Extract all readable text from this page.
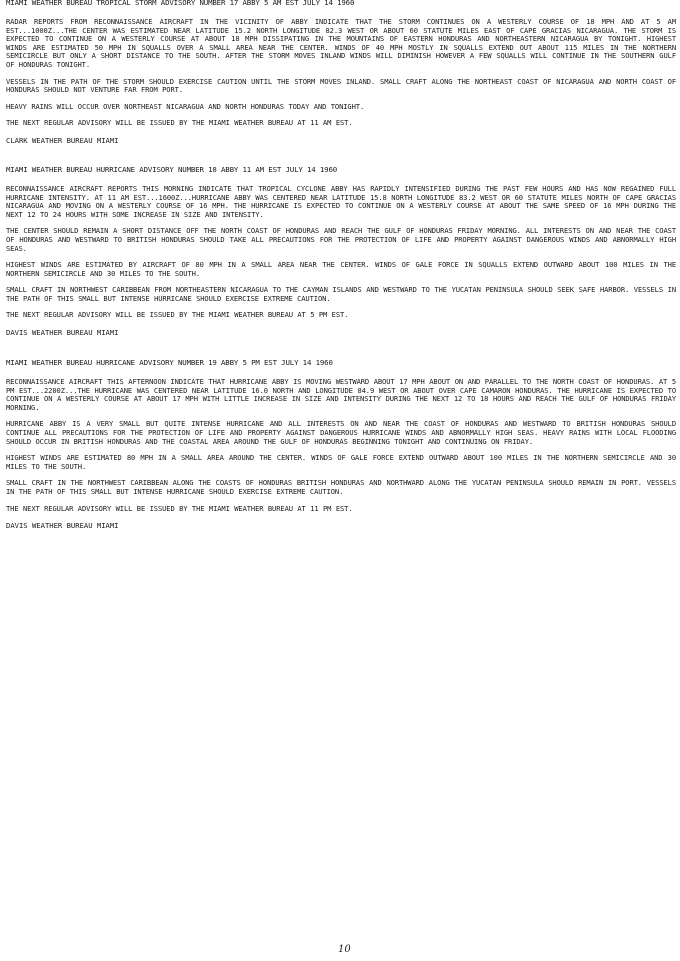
MIAMI WEATHER BUREAU TROPICAL STORM ADVISORY NUMBER 17 ABBY 5 AM EST JULY 14 1960

RADAR REPORTS FROM RECONNAISSANCE AIRCRAFT IN THE VICINITY OF ABBY INDICATE THAT THE STORM CONTINUES ON A WESTERLY COURSE OF 18 MPH AND AT 5 AM EST...1000Z...THE CENTER WAS ESTIMATED NEAR LATITUDE 15.2 NORTH LONGITUDE 82.3 WEST OR ABOUT 60 STATUTE MILES EAST OF CAPE GRACIAS NICARAGUA. THE STORM IS EXPECTED TO CONTINUE ON A WESTERLY COURSE AT ABOUT 18 MPH DISSIPATING IN THE MOUNTAINS OF EASTERN HONDURAS AND NORTHEASTERN NICARAGUA BY TONIGHT. HIGHEST WINDS ARE ESTIMATED 50 MPH IN SQUALLS OVER A SMALL AREA NEAR THE CENTER. WINDS OF 40 MPH MOSTLY IN SQUALLS EXTEND OUT ABOUT 115 MILES IN THE NORTHERN SEMICIRCLE BUT ONLY A SHORT DISTANCE TO THE SOUTH. AFTER THE STORM MOVES INLAND WINDS WILL DIMINISH HOWEVER A FEW SQUALLS WILL CONTINUE IN THE SOUTHERN GULF OF HONDURAS TONIGHT.

VESSELS IN THE PATH OF THE STORM SHOULD EXERCISE CAUTION UNTIL THE STORM MOVES INLAND. SMALL CRAFT ALONG THE NORTHEAST COAST OF NICARAGUA AND NORTH COAST OF HONDURAS SHOULD NOT VENTURE FAR FROM PORT.

HEAVY RAINS WILL OCCUR OVER NORTHEAST NICARAGUA AND NORTH HONDURAS TODAY AND TONIGHT.

THE NEXT REGULAR ADVISORY WILL BE ISSUED BY THE MIAMI WEATHER BUREAU AT 11 AM EST.

CLARK WEATHER BUREAU MIAMI

MIAMI WEATHER BUREAU HURRICANE ADVISORY NUMBER 18 ABBY 11 AM EST JULY 14 1960

RECONNAISSANCE AIRCRAFT REPORTS THIS MORNING INDICATE THAT TROPICAL CYCLONE ABBY HAS RAPIDLY INTENSIFIED DURING THE PAST FEW HOURS AND HAS NOW REGAINED FULL HURRICANE INTENSITY. AT 11 AM EST...1600Z...HURRICANE ABBY WAS CENTERED NEAR LATITUDE 15.8 NORTH LONGITUDE 83.2 WEST OR 60 STATUTE MILES NORTH OF CAPE GRACIAS NICARAGUA AND MOVING ON A WESTERLY COURSE OF 16 MPH. THE HURRICANE IS EXPECTED TO CONTINUE ON A WESTERLY COURSE AT ABOUT THE SAME SPEED OF 16 MPH DURING THE NEXT 12 TO 24 HOURS WITH SOME INCREASE IN SIZE AND INTENSITY.

THE CENTER SHOULD REMAIN A SHORT DISTANCE OFF THE NORTH COAST OF HONDURAS AND REACH THE GULF OF HONDURAS FRIDAY MORNING. ALL INTERESTS ON AND NEAR THE COAST OF HONDURAS AND WESTWARD TO BRITISH HONDURAS SHOULD TAKE ALL PRECAUTIONS FOR THE PROTECTION OF LIFE AND PROPERTY AGAINST DANGEROUS WINDS AND ABNORMALLY HIGH SEAS.

HIGHEST WINDS ARE ESTIMATED BY AIRCRAFT OF 80 MPH IN A SMALL AREA NEAR THE CENTER. WINDS OF GALE FORCE IN SQUALLS EXTEND OUTWARD ABOUT 100 MILES IN THE NORTHERN SEMICIRCLE AND 30 MILES TO THE SOUTH.

SMALL CRAFT IN NORTHWEST CARIBBEAN FROM NORTHEASTERN NICARAGUA TO THE CAYMAN ISLANDS AND WESTWARD TO THE YUCATAN PENINSULA SHOULD SEEK SAFE HARBOR. VESSELS IN THE PATH OF THIS SMALL BUT INTENSE HURRICANE SHOULD EXERCISE EXTREME CAUTION.

THE NEXT REGULAR ADVISORY WILL BE ISSUED BY THE MIAMI WEATHER BUREAU AT 5 PM EST.

DAVIS WEATHER BUREAU MIAMI

MIAMI WEATHER BUREAU HURRICANE ADVISORY NUMBER 19 ABBY 5 PM EST JULY 14 1960

RECONNAISSANCE AIRCRAFT THIS AFTERNOON INDICATE THAT HURRICANE ABBY IS MOVING WESTWARD ABOUT 17 MPH ABOUT ON AND PARALLEL TO THE NORTH COAST OF HONDURAS. AT 5 PM EST...2200Z...THE HURRICANE WAS CENTERED NEAR LATITUDE 16.0 NORTH AND LONGITUDE 84.9 WEST OR ABOUT OVER CAPE CAMARON HONDURAS. THE HURRICANE IS EXPECTED TO CONTINUE ON A WESTERLY COURSE AT ABOUT 17 MPH WITH LITTLE INCREASE IN SIZE AND INTENSITY DURING THE NEXT 12 TO 18 HOURS AND REACH THE GULF OF HONDURAS FRIDAY MORNING.

HURRICANE ABBY IS A VERY SMALL BUT QUITE INTENSE HURRICANE AND ALL INTERESTS ON AND NEAR THE COAST OF HONDURAS AND WESTWARD TO BRITISH HONDURAS SHOULD CONTINUE ALL PRECAUTIONS FOR THE PROTECTION OF LIFE AND PROPERTY AGAINST DANGEROUS HURRICANE WINDS AND ABNORMALLY HIGH SEAS. HEAVY RAINS WITH LOCAL FLOODING SHOULD OCCUR IN BRITISH HONDURAS AND THE COASTAL AREA AROUND THE GULF OF HONDURAS BEGINNING TONIGHT AND CONTINUING ON FRIDAY.

HIGHEST WINDS ARE ESTIMATED 80 MPH IN A SMALL AREA AROUND THE CENTER. WINDS OF GALE FORCE EXTEND OUTWARD ABOUT 100 MILES IN THE NORTHERN SEMICIRCLE AND 30 MILES TO THE SOUTH.

SMALL CRAFT IN THE NORTHWEST CARIBBEAN ALONG THE COASTS OF HONDURAS BRITISH HONDURAS AND NORTHWARD ALONG THE YUCATAN PENINSULA SHOULD REMAIN IN PORT. VESSELS IN THE PATH OF THIS SMALL BUT INTENSE HURRICANE SHOULD EXERCISE EXTREME CAUTION.

THE NEXT REGULAR ADVISORY WILL BE ISSUED BY THE MIAMI WEATHER BUREAU AT 11 PM EST.

DAVIS WEATHER BUREAU MIAMI

10
